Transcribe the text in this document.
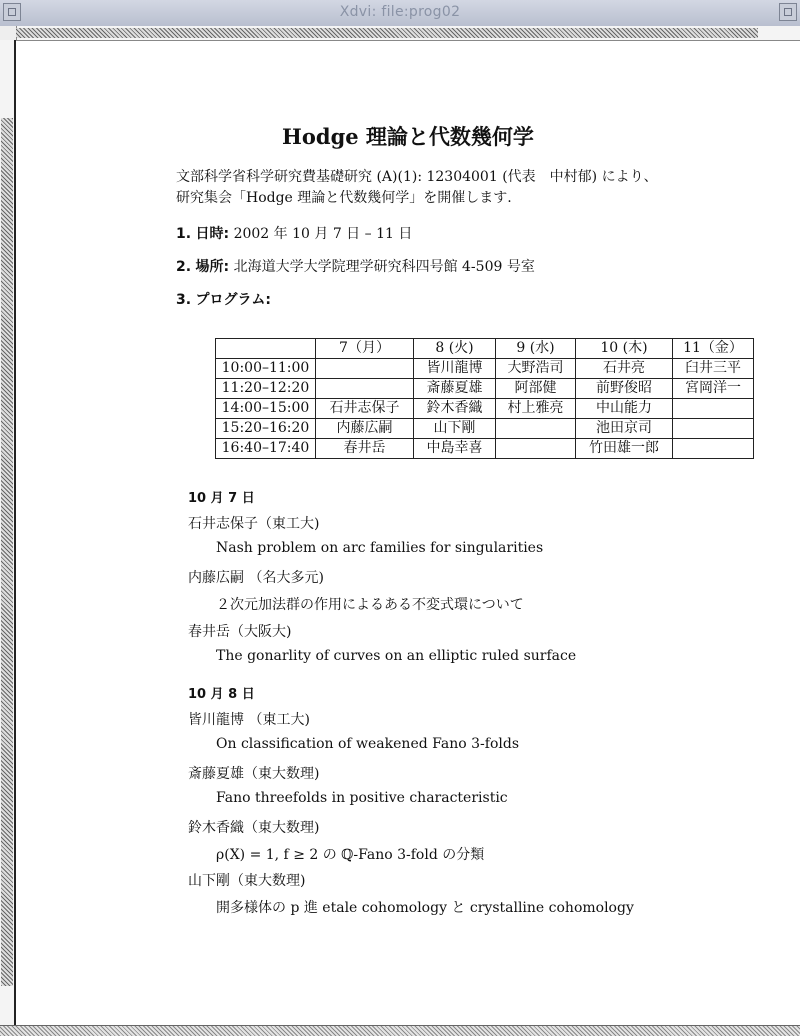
Xdvi: file:prog02
Hodge 理論と代数幾何学
文部科学省科学研究費基礎研究 (A)(1): 12304001 (代表　中村郁) により、
研究集会「Hodge 理論と代数幾何学」を開催します.
1. 日時: 2002 年 10 月 7 日 – 11 日
2. 場所: 北海道大学大学院理学研究科四号館 4-509 号室
3. プログラム:
	7（月）	8 (火)	9 (水)	10 (木)	11（金）
10:00–11:00		皆川龍博	大野浩司	石井亮	臼井三平
11:20–12:20		斎藤夏雄	阿部健	前野俊昭	宮岡洋一
14:00–15:00	石井志保子	鈴木香織	村上雅亮	中山能力	
15:20–16:20	内藤広嗣	山下剛		池田京司	
16:40–17:40	春井岳	中島幸喜		竹田雄一郎	
10 月 7 日
石井志保子（東工大)
Nash problem on arc families for singularities
内藤広嗣 （名大多元)
２次元加法群の作用によるある不変式環について
春井岳（大阪大)
The gonarlity of curves on an elliptic ruled surface
10 月 8 日
皆川龍博 （東工大)
On classification of weakened Fano 3-folds
斎藤夏雄（東大数理)
Fano threefolds in positive characteristic
鈴木香織（東大数理)
ρ(X) = 1, f ≥ 2 の ℚ-Fano 3-fold の分類
山下剛（東大数理)
開多様体の p 進 etale cohomology と crystalline cohomology
